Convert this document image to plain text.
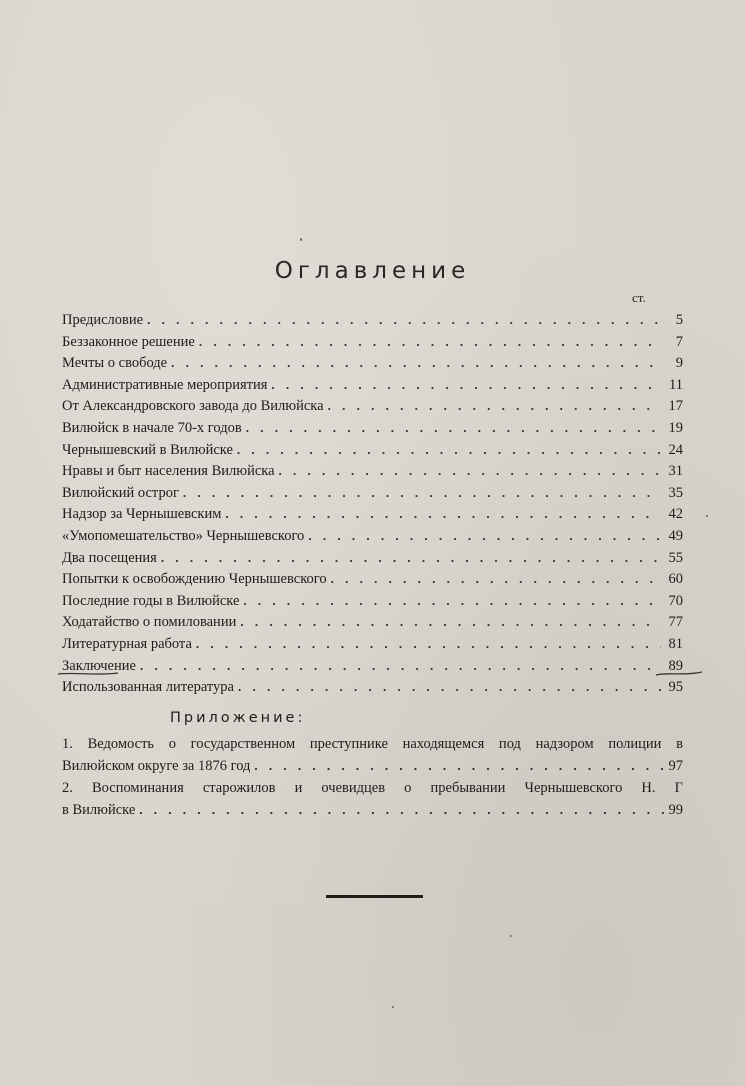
Оглавление
ст.
Предисловие . . .	5
Беззаконное решение . . .	7
Мечты о свободе . . .	9
Административные мероприятия . . .	11
От Александровского завода до Вилюйска . . .	17
Вилюйск в начале 70-х годов . . .	19
Чернышевский в Вилюйске . . .	24
Нравы и быт населения Вилюйска . . .	31
Вилюйский острог . . .	35
Надзор за Чернышевским . . .	42
«Умопомешательство» Чернышевского . . .	49
Два посещения . . .	55
Попытки к освобождению Чернышевского . . .	60
Последние годы в Вилюйске . . .	70
Ходатайство о помиловании . . .	77
Литературная работа . . .	81
Заключение . . .	89
Использованная литература . . .	95
Приложение:
1. Ведомость о государственном преступнике находящемся под надзором полиции в
Вилюйском округе за 1876 год . . .	97
2. Воспоминания старожилов и очевидцев о пребывании Чернышевского Н. Г
в Вилюйске . . .	99
